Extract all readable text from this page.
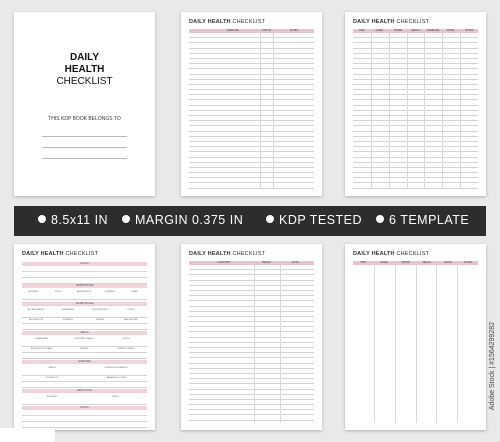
DAILY
HEALTH
CHECKLIST
THIS KDP BOOK BELONGS TO
DAILY HEALTH CHECKLIST
EXERCISE	STATUS	NOTES
DAILY HEALTH CHECKLIST
TIME	SLEEP	WATER	MEALS	EXERCISE	MOOD	NOTES
8.5x11 IN	MARGIN 0.375 IN	KDP TESTED	6 TEMPLATE
DAILY HEALTH CHECKLIST
GOALS
TEMPERATURE
MORNING	NOON	AFTERNOON	EVENING	NIGHT
WATER INTAKE
AFTER WAKING	BREAKFAST	MID MORNING	LUNCH
AFTERNOON	EVENING	DINNER	BEFORE BED
MEALS
BREAKFAST	MORNING SNACK	LUNCH
AFTERNOON SNACK	DINNER	EVENING SNACK
EXERCISE
CARDIO	STRENGTH TRAINING
FLEXIBILITY	BALANCE & CORE
MEDICATION
MORNING	NIGHT
NOTES
DAILY HEALTH CHECKLIST
CATEGORY	RATING	NOTE
DAILY HEALTH CHECKLIST
TIME	SLEEP	WATER	MEALS	MOOD	NOTES
Adobe Stock | #1564299282
